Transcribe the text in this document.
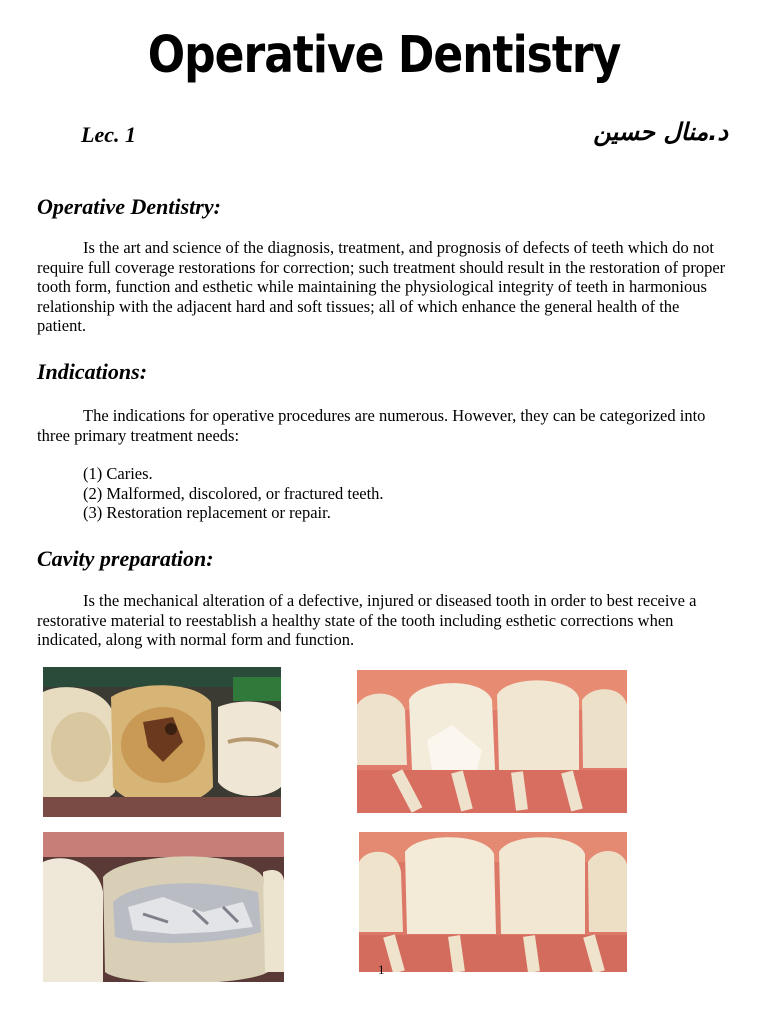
Operative Dentistry
Lec. 1	د.منال حسين
Operative Dentistry:

Is the art and science of the diagnosis, treatment, and prognosis of defects of teeth which do not require full coverage restorations for correction; such treatment should result in the restoration of proper tooth form, function and esthetic while maintaining the physiological integrity of teeth in harmonious relationship with the adjacent hard and soft tissues; all of which enhance the general health of the patient.

Indications:

The indications for operative procedures are numerous. However, they can be categorized into three primary treatment needs:

(1) Caries.
(2) Malformed, discolored, or fractured teeth.
(3) Restoration replacement or repair.
Cavity preparation:

Is the mechanical alteration of a defective, injured or diseased tooth in order to best receive a restorative material to reestablish a healthy state of the tooth including esthetic corrections when indicated, along with normal form and function.

1
